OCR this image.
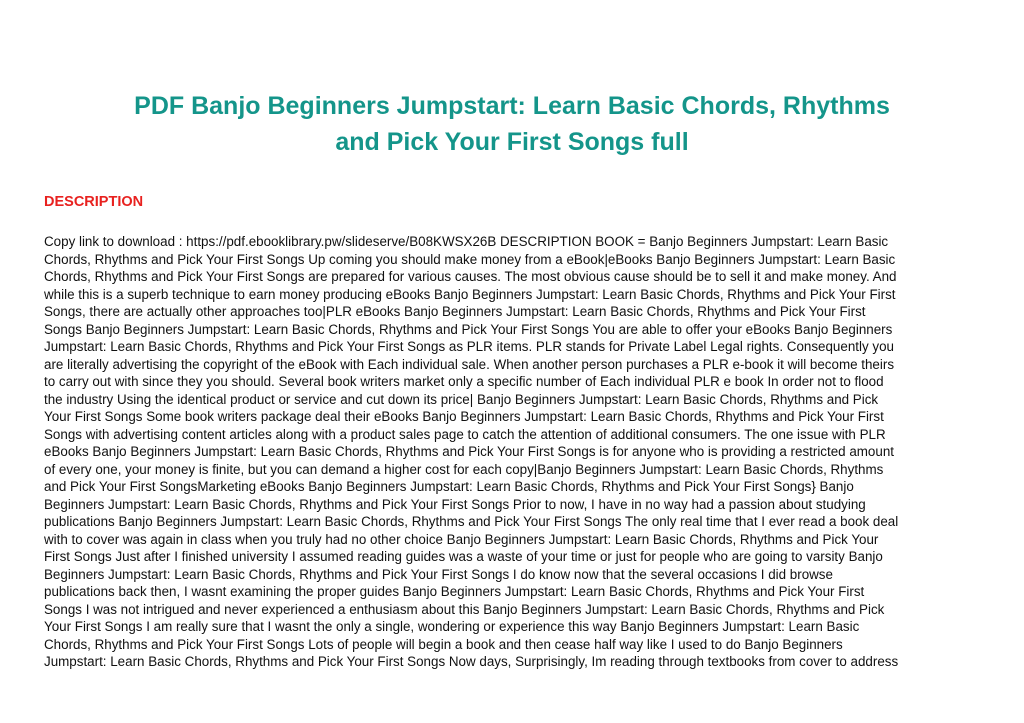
PDF Banjo Beginners Jumpstart: Learn Basic Chords, Rhythms
and Pick Your First Songs full
DESCRIPTION
Copy link to download : https://pdf.ebooklibrary.pw/slideserve/B08KWSX26B DESCRIPTION BOOK = Banjo Beginners Jumpstart: Learn Basic
Chords, Rhythms and Pick Your First Songs Up coming you should make money from a eBook|eBooks Banjo Beginners Jumpstart: Learn Basic
Chords, Rhythms and Pick Your First Songs are prepared for various causes. The most obvious cause should be to sell it and make money. And
while this is a superb technique to earn money producing eBooks Banjo Beginners Jumpstart: Learn Basic Chords, Rhythms and Pick Your First
Songs, there are actually other approaches too|PLR eBooks Banjo Beginners Jumpstart: Learn Basic Chords, Rhythms and Pick Your First
Songs Banjo Beginners Jumpstart: Learn Basic Chords, Rhythms and Pick Your First Songs You are able to offer your eBooks Banjo Beginners
Jumpstart: Learn Basic Chords, Rhythms and Pick Your First Songs as PLR items. PLR stands for Private Label Legal rights. Consequently you
are literally advertising the copyright of the eBook with Each individual sale. When another person purchases a PLR e-book it will become theirs
to carry out with since they you should. Several book writers market only a specific number of Each individual PLR e book In order not to flood
the industry Using the identical product or service and cut down its price| Banjo Beginners Jumpstart: Learn Basic Chords, Rhythms and Pick
Your First Songs Some book writers package deal their eBooks Banjo Beginners Jumpstart: Learn Basic Chords, Rhythms and Pick Your First
Songs with advertising content articles along with a product sales page to catch the attention of additional consumers. The one issue with PLR
eBooks Banjo Beginners Jumpstart: Learn Basic Chords, Rhythms and Pick Your First Songs is for anyone who is providing a restricted amount
of every one, your money is finite, but you can demand a higher cost for each copy|Banjo Beginners Jumpstart: Learn Basic Chords, Rhythms
and Pick Your First SongsMarketing eBooks Banjo Beginners Jumpstart: Learn Basic Chords, Rhythms and Pick Your First Songs} Banjo
Beginners Jumpstart: Learn Basic Chords, Rhythms and Pick Your First Songs Prior to now, I have in no way had a passion about studying
publications Banjo Beginners Jumpstart: Learn Basic Chords, Rhythms and Pick Your First Songs The only real time that I ever read a book deal
with to cover was again in class when you truly had no other choice Banjo Beginners Jumpstart: Learn Basic Chords, Rhythms and Pick Your
First Songs Just after I finished university I assumed reading guides was a waste of your time or just for people who are going to varsity Banjo
Beginners Jumpstart: Learn Basic Chords, Rhythms and Pick Your First Songs I do know now that the several occasions I did browse
publications back then, I wasnt examining the proper guides Banjo Beginners Jumpstart: Learn Basic Chords, Rhythms and Pick Your First
Songs I was not intrigued and never experienced a enthusiasm about this Banjo Beginners Jumpstart: Learn Basic Chords, Rhythms and Pick
Your First Songs I am really sure that I wasnt the only a single, wondering or experience this way Banjo Beginners Jumpstart: Learn Basic
Chords, Rhythms and Pick Your First Songs Lots of people will begin a book and then cease half way like I used to do Banjo Beginners
Jumpstart: Learn Basic Chords, Rhythms and Pick Your First Songs Now days, Surprisingly, Im reading through textbooks from cover to address
